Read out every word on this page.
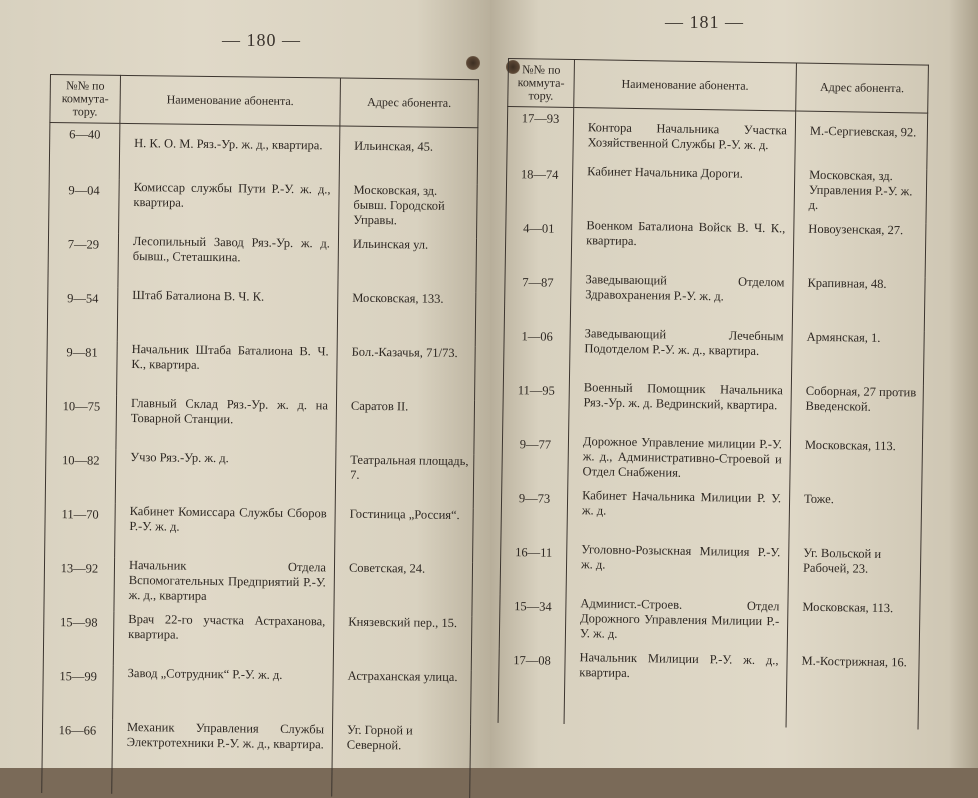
— 180 —
№№ по коммута-тору.	Наименование абонента.	Адрес абонента.
6—40	Н. К. О. М. Ряз.-Ур. ж. д., квартира.	Ильинская, 45.
9—04	Комиссар службы Пути Р.-У. ж. д., квартира.	Московская, зд. бывш. Городской Управы.
7—29	Лесопильный Завод Ряз.-Ур. ж. д. бывш., Стеташкина.	Ильинская ул.
9—54	Штаб Баталиона В. Ч. К.	Московская, 133.
9—81	Начальник Штаба Баталиона В. Ч. К., квартира.	Бол.-Казачья, 71/73.
10—75	Главный Склад Ряз.-Ур. ж. д. на Товарной Станции.	Саратов II.
10—82	Учзо Ряз.-Ур. ж. д.	Театральная площадь, 7.
11—70	Кабинет Комиссара Службы Сборов Р.-У. ж. д.	Гостиница „Россия“.
13—92	Начальник Отдела Вспомогательных Предприятий Р.-У. ж. д., квартира	Советская, 24.
15—98	Врач 22-го участка Астраханова, квартира.	Князевский пер., 15.
15—99	Завод „Сотрудник“ Р.-У. ж. д.	Астраханская улица.
16—66	Механик Управления Службы Электротехники Р.-У. ж. д., квартира.	Уг. Горной и Северной.
— 181 —
№№ по коммута-тору.	Наименование абонента.	Адрес абонента.
17—93	Контора Начальника Участка Хозяйственной Службы Р.-У. ж. д.	М.-Сергиевская, 92.
18—74	Кабинет Начальника Дороги.	Московская, зд. Управления Р.-У. ж. д.
4—01	Военком Баталиона Войск В. Ч. К., квартира.	Новоузенская, 27.
7—87	Заведывающий Отделом Здравохранения Р.-У. ж. д.	Крапивная, 48.
1—06	Заведывающий Лечебным Подотделом Р.-У. ж. д., квартира.	Армянская, 1.
11—95	Военный Помощник Начальника Ряз.-Ур. ж. д. Ведринский, квартира.	Соборная, 27 против Введенской.
9—77	Дорожное Управление милиции Р.-У. ж. д., Административно-Строевой и Отдел Снабжения.	Московская, 113.
9—73	Кабинет Начальника Милиции Р. У. ж. д.	Тоже.
16—11	Уголовно-Розыскная Милиция Р.-У. ж. д.	Уг. Вольской и Рабочей, 23.
15—34	Админист.-Строев. Отдел Дорожного Управления Милиции Р.-У. ж. д.	Московская, 113.
17—08	Начальник Милиции Р.-У. ж. д., квартира.	М.-Кострижная, 16.
